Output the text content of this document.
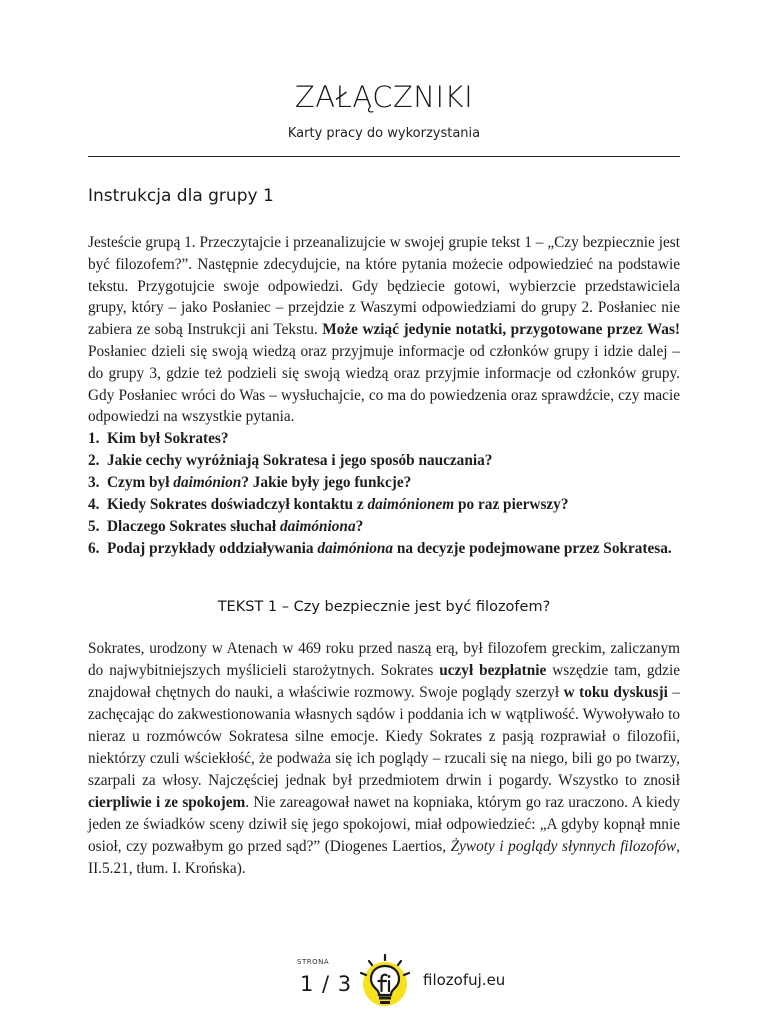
ZAŁĄCZNIKI
Karty pracy do wykorzystania
Instrukcja dla grupy 1

Jesteście grupą 1. Przeczytajcie i przeanalizujcie w swojej grupie tekst 1 – „Czy bezpiecznie jest być filozofem?”. Następnie zdecydujcie, na które pytania możecie odpowiedzieć na podstawie tekstu. Przygotujcie swoje odpowiedzi. Gdy będziecie gotowi, wybierzcie przedstawiciela grupy, który – jako Posłaniec – przejdzie z Waszymi odpowiedziami do grupy 2. Posłaniec nie zabiera ze sobą Instrukcji ani Tekstu. Może wziąć jedynie notatki, przygotowane przez Was! Posłaniec dzieli się swoją wiedzą oraz przyjmuje informacje od członków grupy i idzie dalej – do grupy 3, gdzie też podzieli się swoją wiedzą oraz przyjmie informacje od członków grupy. Gdy Posłaniec wróci do Was – wysłuchajcie, co ma do powiedzenia oraz sprawdźcie, czy macie odpowiedzi na wszystkie pytania.

1. Kim był Sokrates?
2. Jakie cechy wyróżniają Sokratesa i jego sposób nauczania?
3. Czym był daimónion? Jakie były jego funkcje?
4. Kiedy Sokrates doświadczył kontaktu z daimónionem po raz pierwszy?
5. Dlaczego Sokrates słuchał daimóniona?
6. Podaj przykłady oddziaływania daimóniona na decyzje podejmowane przez Sokratesa.
TEKST 1 – Czy bezpiecznie jest być filozofem?

Sokrates, urodzony w Atenach w 469 roku przed naszą erą, był filozofem greckim, zaliczanym do najwybitniejszych myślicieli starożytnych. Sokrates uczył bezpłatnie wszędzie tam, gdzie znajdował chętnych do nauki, a właściwie rozmowy. Swoje poglądy szerzył w toku dyskusji – zachęcając do zakwestionowania własnych sądów i poddania ich w wątpliwość. Wywoływało to nieraz u rozmówców Sokratesa silne emocje. Kiedy Sokrates z pasją rozprawiał o filozofii, niektórzy czuli wściekłość, że podważa się ich poglądy – rzucali się na niego, bili go po twarzy, szarpali za włosy. Najczęściej jednak był przedmiotem drwin i pogardy. Wszystko to znosił cierpliwie i ze spokojem. Nie zareagował nawet na kopniaka, którym go raz uraczono. A kiedy jeden ze świadków sceny dziwił się jego spokojowi, miał odpowiedzieć: „A gdyby kopnął mnie osioł, czy pozwałbym go przed sąd?” (Diogenes Laertios, Żywoty i poglądy słynnych filozofów, II.5.21, tłum. I. Krońska).

STRONA
1 / 3	filozofuj.eu
